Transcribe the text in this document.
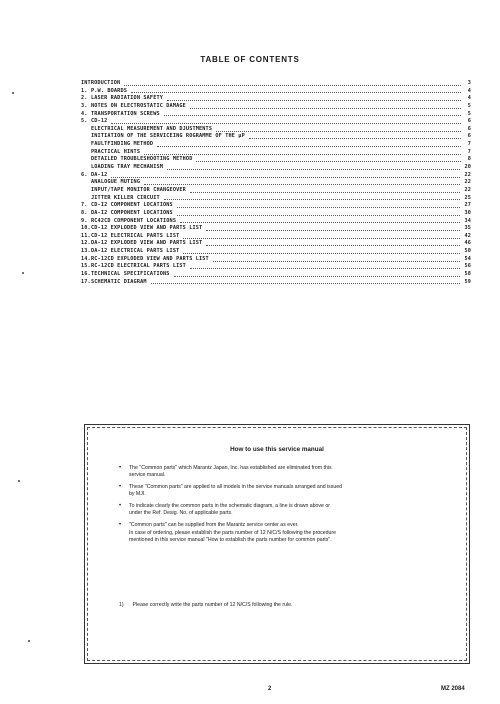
TABLE OF CONTENTS
INTRODUCTION	3
1. P.W. BOARDS	4
2. LASER RADIATION SAFETY	4
3. NOTES ON ELECTROSTATIC DAMAGE	5
4. TRANSPORTATION SCREWS	5
5. CD-12	6
ELECTRICAL MEASUREMENT AND DJUSTMENTS	6
INITIATION OF THE SERVICEING ROGRAMME OF THE μP	6
FAULTFINDING METHOD	7
PRACTICAL HINTS	7
DETAILED TROUBLESHOOTING METHOD	8
LOADING TRAY MECHANISM	20
6. DA-12	22
ANALOGUE MUTING	22
INPUT/TAPE MONITOR CHANGEOVER	22
JITTER KILLER CIRCUIT	25
7. CD-I2 COMPONENT LOCATIONS	27
8. DA-I2 COMPONENT LOCATIONS	30
9. RC42CD COMPONENT LOCATIONS	34
10. CD-12 EXPLODED VIEW AND PARTS LIST	35
11. CD-12 ELECTRICAL PARTS LIST	42
12. DA-12 EXPLODED VIEW AND PARTS LIST	46
13. DA-12 ELECTRICAL PARTS LIST	50
14. RC-12CD EXPLODED VIEW AND PARTS LIST	54
15. RC-12CD ELECTRICAL PARTS LIST	56
16. TECHNICAL SPECIFICATIONS	58
17. SCHEMATIC DIAGRAM	59
How to use this service manual
• The "Common parts" which Marantz Japan, Inc. has established are eliminated from this
service manual.
• These "Common parts" are applied to all models in the service manuals arranged and issued
by MJI.
• To indicate clearly the common parts in the schematic diagram, a line is drawn above or
under the Ref. Desig. No. of applicable parts.
• "Common parts" can be supplied from the Marantz service center as ever.
In case of ordering, please establish the parts number of 12 N/C/S following the procedure
mentioned in this service manual "How to establish the parts number for common parts".
1) Please correctly write the parts number of 12 N/C/S following the rule.
2	MZ 2084
